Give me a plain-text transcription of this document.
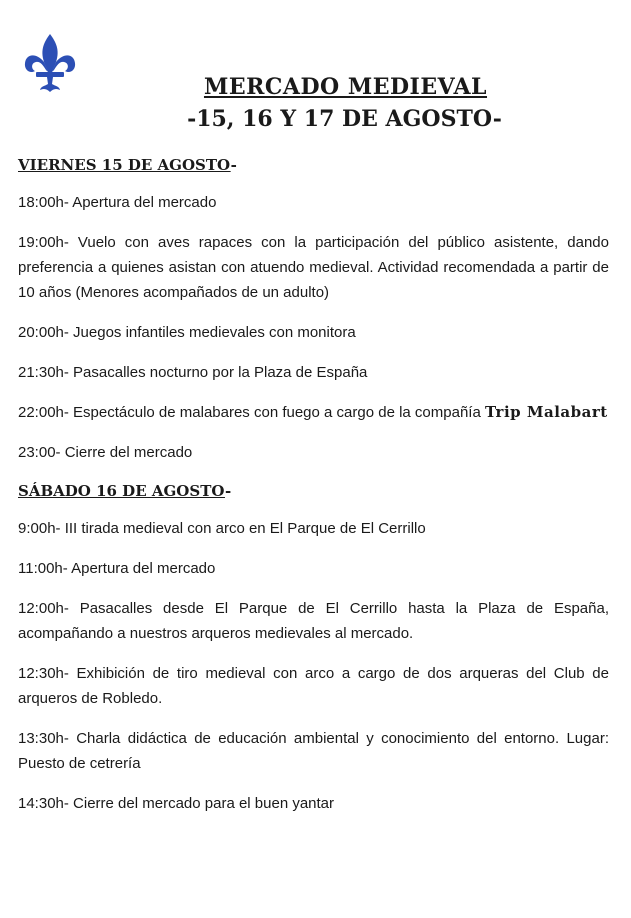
MERCADO MEDIEVAL

-15, 16 Y 17 DE AGOSTO-

VIERNES 15 DE AGOSTO-

18:00h- Apertura del mercado

19:00h- Vuelo con aves rapaces con la participación del público asistente, dando preferencia a quienes asistan con atuendo medieval. Actividad recomendada a partir de 10 años (Menores acompañados de un adulto)

20:00h- Juegos infantiles medievales con monitora

21:30h- Pasacalles nocturno por la Plaza de España

22:00h- Espectáculo de malabares con fuego a cargo de la compañía Trip Malabart

23:00- Cierre del mercado

SÁBADO 16 DE AGOSTO-

9:00h- III tirada medieval con arco en El Parque de El Cerrillo

11:00h- Apertura del mercado

12:00h- Pasacalles desde El Parque de El Cerrillo hasta la Plaza de España, acompañando a nuestros arqueros medievales al mercado.

12:30h- Exhibición de tiro medieval con arco a cargo de dos arqueras del Club de arqueros de Robledo.

13:30h- Charla didáctica de educación ambiental y conocimiento del entorno. Lugar: Puesto de cetrería

14:30h- Cierre del mercado para el buen yantar
